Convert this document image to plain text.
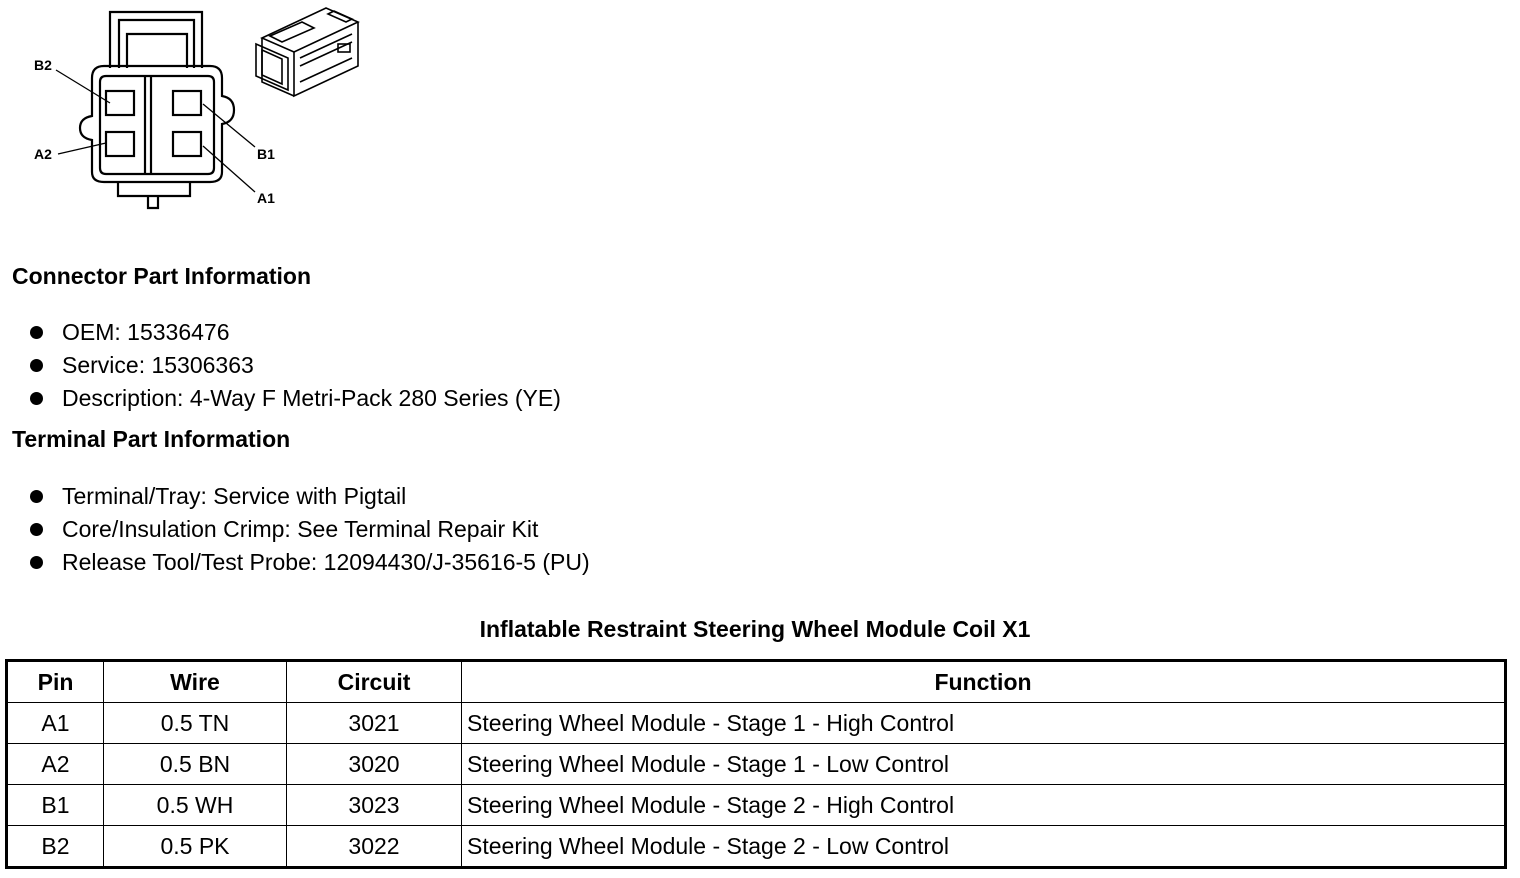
B2
A2	B1
A1
Connector Part Information
OEM: 15336476
Service: 15306363
Description: 4-Way F Metri-Pack 280 Series (YE)
Terminal Part Information
Terminal/Tray: Service with Pigtail
Core/Insulation Crimp: See Terminal Repair Kit
Release Tool/Test Probe: 12094430/J-35616-5 (PU)
Inflatable Restraint Steering Wheel Module Coil X1
Pin	Wire	Circuit	Function
A1	0.5 TN	3021	Steering Wheel Module - Stage 1 - High Control
A2	0.5 BN	3020	Steering Wheel Module - Stage 1 - Low Control
B1	0.5 WH	3023	Steering Wheel Module - Stage 2 - High Control
B2	0.5 PK	3022	Steering Wheel Module - Stage 2 - Low Control
